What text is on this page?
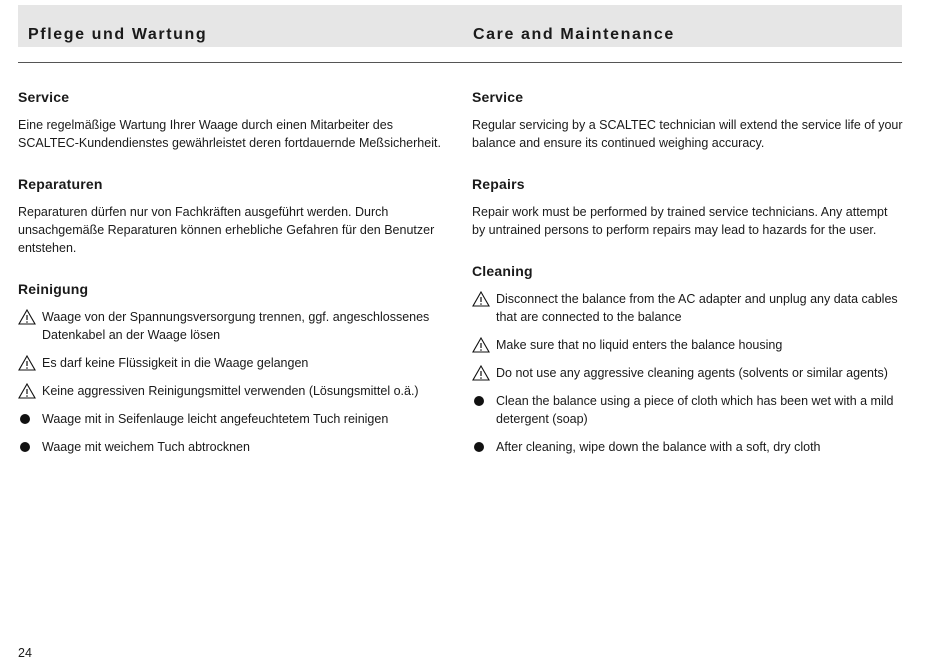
Pflege und Wartung	Care and Maintenance
Service

Eine regelmäßige Wartung Ihrer Waage durch einen Mitarbeiter des SCALTEC-Kundendienstes gewährleistet deren fortdauernde Meßsicherheit.

Reparaturen

Reparaturen dürfen nur von Fachkräften ausgeführt werden. Durch unsachgemäße Reparaturen können erhebliche Gefahren für den Benutzer entstehen.

Reinigung
Waage von der Spannungsversorgung trennen, ggf. angeschlossenes Datenkabel an der Waage lösen
Es darf keine Flüssigkeit in die Waage gelangen
Keine aggressiven Reinigungsmittel verwenden (Lösungsmittel o.ä.)
Waage mit in Seifenlauge leicht angefeuchtetem Tuch reinigen
Waage mit weichem Tuch abtrocknen
Service

Regular servicing by a SCALTEC technician will extend the service life of your balance and ensure its continued weighing accuracy.

Repairs

Repair work must be performed by trained service technicians. Any attempt by untrained persons to perform repairs may lead to hazards for the user.

Cleaning
Disconnect the balance from the AC adapter and unplug any data cables that are connected to the balance
Make sure that no liquid enters the balance housing
Do not use any aggressive cleaning agents (solvents or similar agents)
Clean the balance using a piece of cloth which has been wet with a mild detergent (soap)
After cleaning, wipe down the balance with a soft, dry cloth
24
